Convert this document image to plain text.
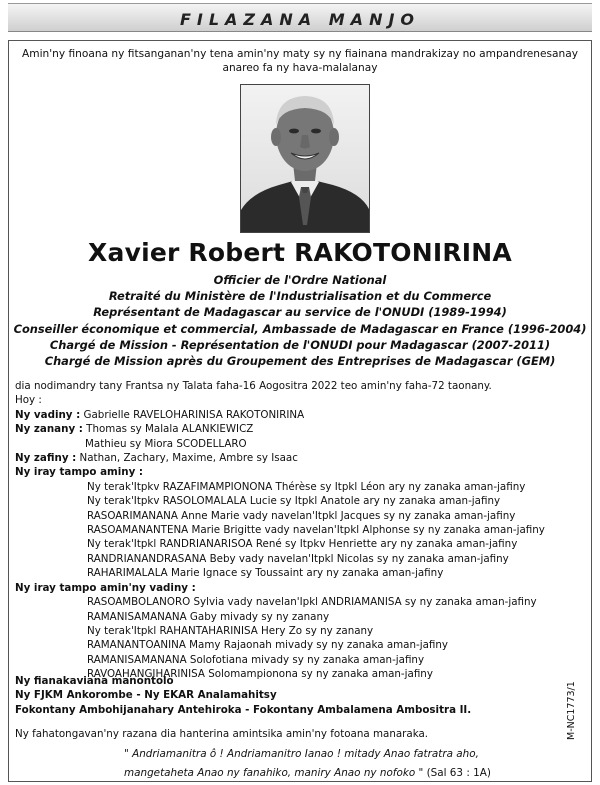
FILAZANA MANJO
Amin'ny finoana ny fitsanganan'ny tena amin'ny maty sy ny fiainana mandrakizay no ampandrenesanay anareo fa ny hava-malalanay
Xavier Robert RAKOTONIRINA
Officier de l'Ordre National
Retraité du Ministère de l'Industrialisation et du Commerce
Représentant de Madagascar au service de l'ONUDI (1989-1994)
Conseiller économique et commercial, Ambassade de Madagascar en France (1996-2004)
Chargé de Mission - Représentation de l'ONUDI pour Madagascar (2007-2011)
Chargé de Mission après du Groupement des Entreprises de Madagascar (GEM)
dia nodimandry tany Frantsa ny Talata faha-16 Aogositra 2022 teo amin'ny faha-72 taonany.
Hoy :
Ny vadiny : Gabrielle RAVELOHARINISA RAKOTONIRINA
Ny zanany : Thomas sy Malala ALANKIEWICZ
Mathieu sy Miora SCODELLARO
Ny zafiny : Nathan, Zachary, Maxime, Ambre sy Isaac
Ny iray tampo aminy :
Ny terak'Itpkv RAZAFIMAMPIONONA Thérèse sy Itpkl Léon ary ny zanaka aman-jafiny
Ny terak'Itpkv RASOLOMALALA Lucie sy Itpkl Anatole ary ny zanaka aman-jafiny
RASOARIMANANA Anne Marie vady navelan'Itpkl Jacques sy ny zanaka aman-jafiny
RASOAMANANTENA Marie Brigitte vady navelan'Itpkl Alphonse sy ny zanaka aman-jafiny
Ny terak'Itpkl RANDRIANARISOA René sy Itpkv Henriette ary ny zanaka aman-jafiny
RANDRIANANDRASANA Beby vady navelan'Itpkl Nicolas sy ny zanaka aman-jafiny
RAHARIMALALA Marie Ignace sy Toussaint ary ny zanaka aman-jafiny
Ny iray tampo amin'ny vadiny :
RASOAMBOLANORO Sylvia vady navelan'Ipkl ANDRIAMANISA sy ny zanaka aman-jafiny
RAMANISAMANANA Gaby mivady sy ny zanany
Ny terak'Itpkl RAHANTAHARINISA Hery Zo sy ny zanany
RAMANANTOANINA Mamy Rajaonah mivady sy ny zanaka aman-jafiny
RAMANISAMANANA Solofotiana mivady sy ny zanaka aman-jafiny
RAVOAHANGIHARINISA Solomampionona sy ny zanaka aman-jafiny
Ny fianakaviana manontolo
Ny FJKM Ankorombe - Ny EKAR Analamahitsy
Fokontany Ambohijanahary Antehiroka - Fokontany Ambalamena Ambositra II.
Ny fahatongavan'ny razana dia hanterina amintsika amin'ny fotoana manaraka.
" Andriamanitra ô ! Andriamanitro Ianao ! mitady Anao fatratra aho,
mangetaheta Anao ny fanahiko, maniry Anao ny nofoko " (Sal 63 : 1A)
M-NC1773/1
